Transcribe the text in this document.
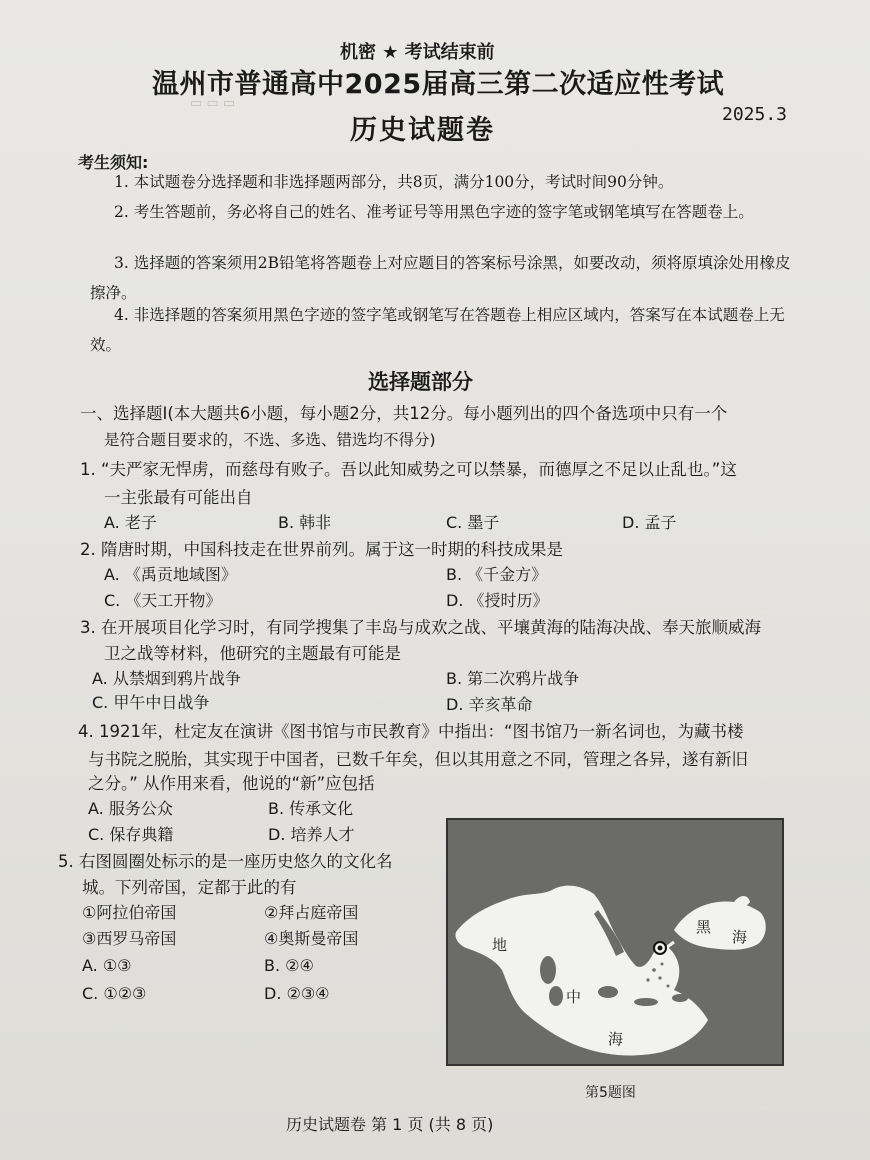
▭ ▭ ▭
机密 ★ 考试结束前
温州市普通高中2025届高三第二次适应性考试
历史试题卷
2025.3
考生须知:
1. 本试题卷分选择题和非选择题两部分，共8页，满分100分，考试时间90分钟。
2. 考生答题前，务必将自己的姓名、准考证号等用黑色字迹的签字笔或钢笔填写在答题卷上。
3. 选择题的答案须用2B铅笔将答题卷上对应题目的答案标号涂黑，如要改动，须将原填涂处用橡皮擦净。
4. 非选择题的答案须用黑色字迹的签字笔或钢笔写在答题卷上相应区域内，答案写在本试题卷上无效。
选择题部分
一、选择题Ⅰ(本大题共6小题，每小题2分，共12分。每小题列出的四个备选项中只有一个
是符合题目要求的，不选、多选、错选均不得分)
1. “夫严家无悍虏，而慈母有败子。吾以此知威势之可以禁暴，而德厚之不足以止乱也。”这
一主张最有可能出自
A. 老子	B. 韩非	C. 墨子	D. 孟子
2. 隋唐时期，中国科技走在世界前列。属于这一时期的科技成果是
A. 《禹贡地域图》	B. 《千金方》
C. 《天工开物》	D. 《授时历》
3. 在开展项目化学习时，有同学搜集了丰岛与成欢之战、平壤黄海的陆海决战、奉天旅顺威海
卫之战等材料，他研究的主题最有可能是
A. 从禁烟到鸦片战争	B. 第二次鸦片战争
C. 甲午中日战争	D. 辛亥革命
4. 1921年，杜定友在演讲《图书馆与市民教育》中指出：“图书馆乃一新名词也，为藏书楼
与书院之脱胎，其实现于中国者，已数千年矣，但以其用意之不同，管理之各异，遂有新旧
之分。” 从作用来看，他说的“新”应包括
A. 服务公众	B. 传承文化
C. 保存典籍	D. 培养人才
5. 右图圆圈处标示的是一座历史悠久的文化名
城。下列帝国，定都于此的有
①阿拉伯帝国	②拜占庭帝国
③西罗马帝国	④奥斯曼帝国
A. ①③	B. ②④
C. ①②③	D. ②③④
地
中
海
黑
海
第5题图
历史试题卷 第 1 页 (共 8 页)
